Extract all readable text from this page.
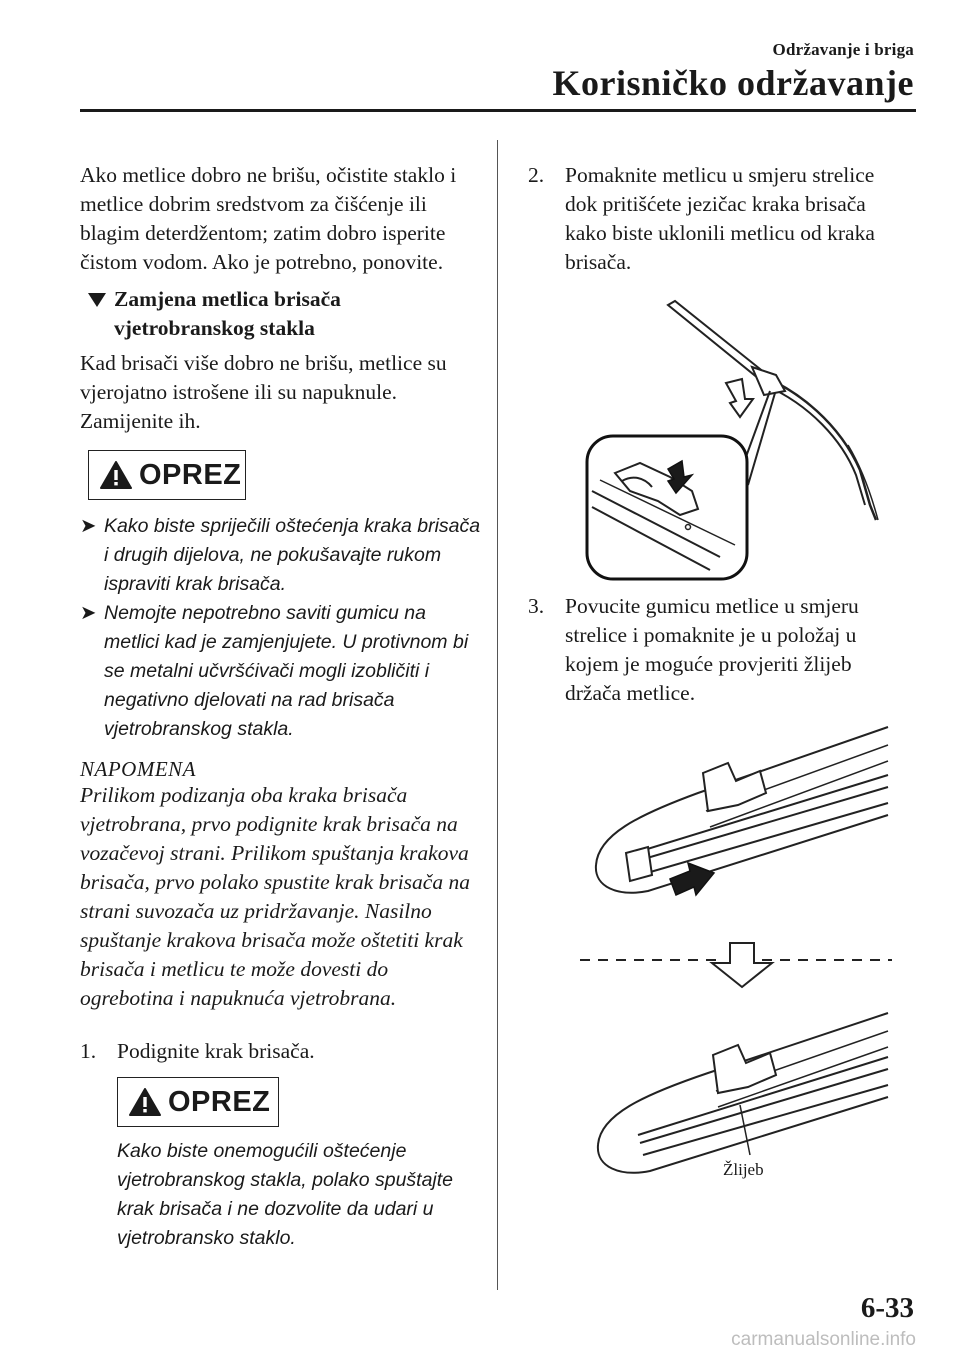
Održavanje i briga
Korisničko održavanje
Ako metlice dobro ne brišu, očistite staklo i metlice dobrim sredstvom za čišćenje ili blagim deterdžentom; zatim dobro isperite čistom vodom. Ako je potrebno, ponovite.
Zamjena metlica brisača
vjetrobranskog stakla
Kad brisači više dobro ne brišu, metlice su vjerojatno istrošene ili su napuknule. Zamijenite ih.
OPREZ
➤ Kako biste spriječili oštećenja kraka brisača i drugih dijelova, ne pokušavajte rukom ispraviti krak brisača.
➤ Nemojte nepotrebno saviti gumicu na metlici kad je zamjenjujete. U protivnom bi se metalni učvršćivači mogli izobličiti i negativno djelovati na rad brisača vjetrobranskog stakla.
NAPOMENA
Prilikom podizanja oba kraka brisača vjetrobrana, prvo podignite krak brisača na vozačevoj strani. Prilikom spuštanja krakova brisača, prvo polako spustite krak brisača na strani suvozača uz pridržavanje. Nasilno spuštanje krakova brisača može oštetiti krak brisača i metlicu te može dovesti do ogrebotina i napuknuća vjetrobrana.
1. Podignite krak brisača.
OPREZ
Kako biste onemogućili oštećenje vjetrobranskog stakla, polako spuštajte krak brisača i ne dozvolite da udari u vjetrobransko staklo.
2. Pomaknite metlicu u smjeru strelice dok pritišćete jezičac kraka brisača kako biste uklonili metlicu od kraka brisača.
3. Povucite gumicu metlice u smjeru strelice i pomaknite je u položaj u kojem je moguće provjeriti žlijeb držača metlice.
Žlijeb
6-33
carmanualsonline.info
